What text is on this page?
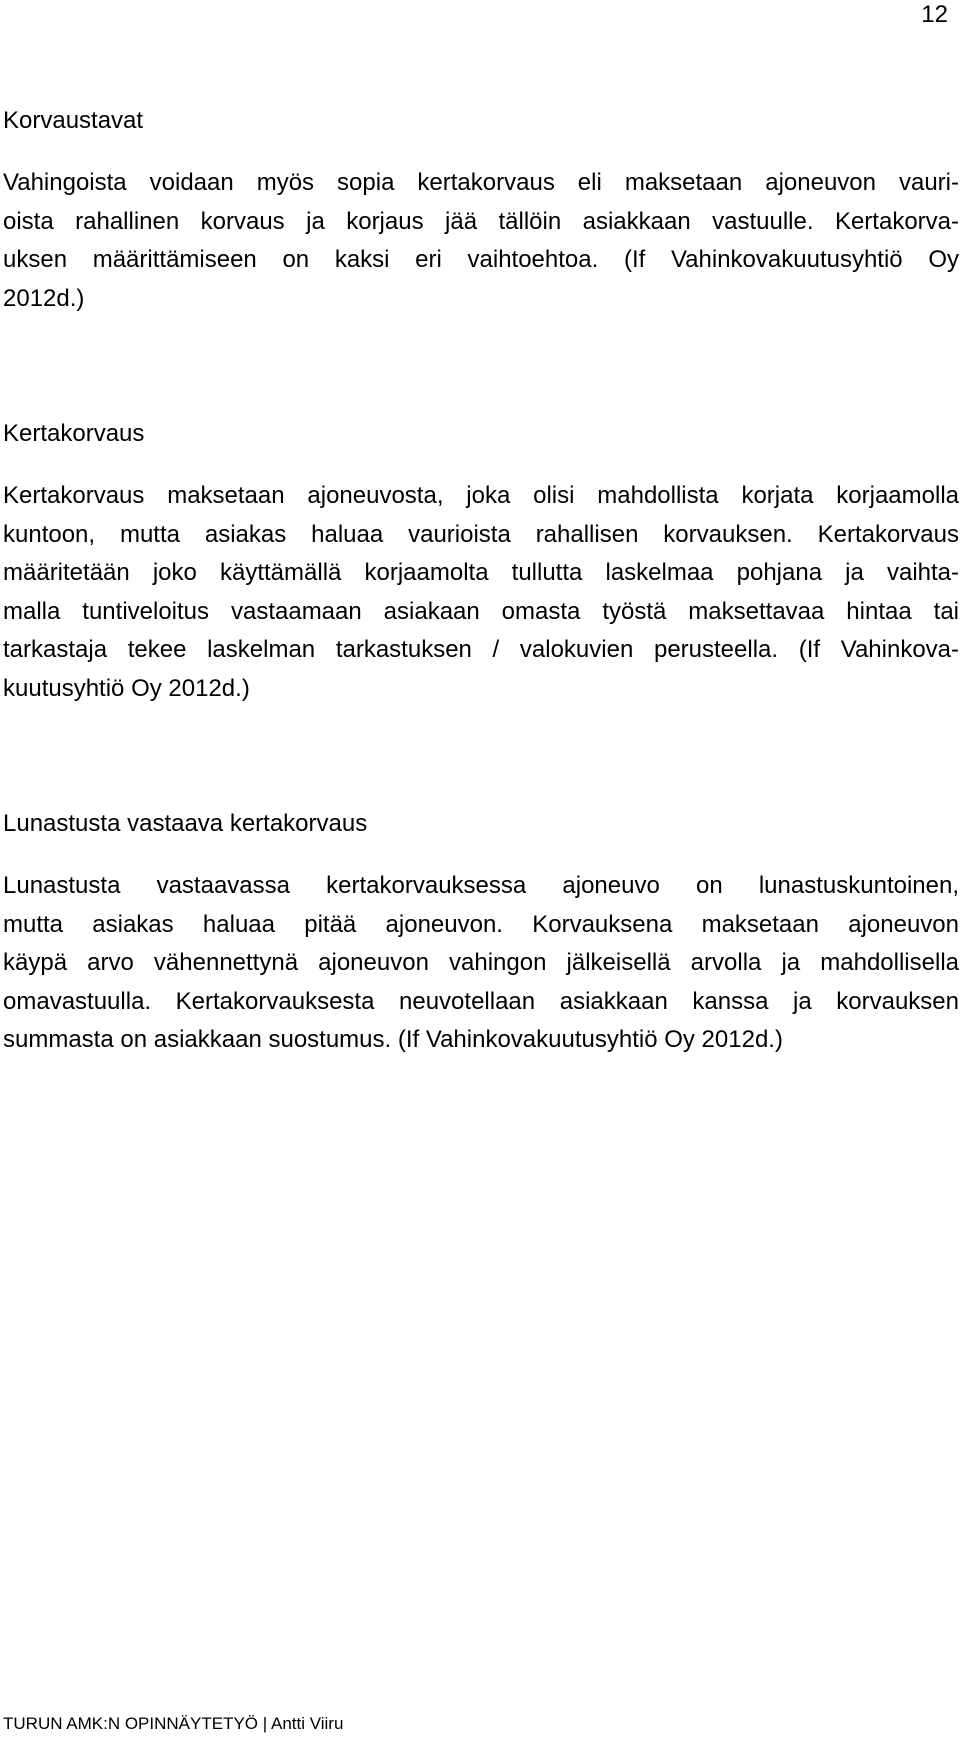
12
Korvaustavat

Vahingoista voidaan myös sopia kertakorvaus eli maksetaan ajoneuvon vauri-
oista rahallinen korvaus ja korjaus jää tällöin asiakkaan vastuulle. Kertakorva-
uksen määrittämiseen on kaksi eri vaihtoehtoa. (If Vahinkovakuutusyhtiö Oy
2012d.)

Kertakorvaus

Kertakorvaus maksetaan ajoneuvosta, joka olisi mahdollista korjata korjaamolla
kuntoon, mutta asiakas haluaa vaurioista rahallisen korvauksen. Kertakorvaus
määritetään joko käyttämällä korjaamolta tullutta laskelmaa pohjana ja vaihta-
malla tuntiveloitus vastaamaan asiakaan omasta työstä maksettavaa hintaa tai
tarkastaja tekee laskelman tarkastuksen / valokuvien perusteella. (If Vahinkova-
kuutusyhtiö Oy 2012d.)

Lunastusta vastaava kertakorvaus

Lunastusta vastaavassa kertakorvauksessa ajoneuvo on lunastuskuntoinen,
mutta asiakas haluaa pitää ajoneuvon. Korvauksena maksetaan ajoneuvon
käypä arvo vähennettynä ajoneuvon vahingon jälkeisellä arvolla ja mahdollisella
omavastuulla. Kertakorvauksesta neuvotellaan asiakkaan kanssa ja korvauksen
summasta on asiakkaan suostumus. (If Vahinkovakuutusyhtiö Oy 2012d.)

TURUN AMK:N OPINNÄYTETYÖ | Antti Viiru
